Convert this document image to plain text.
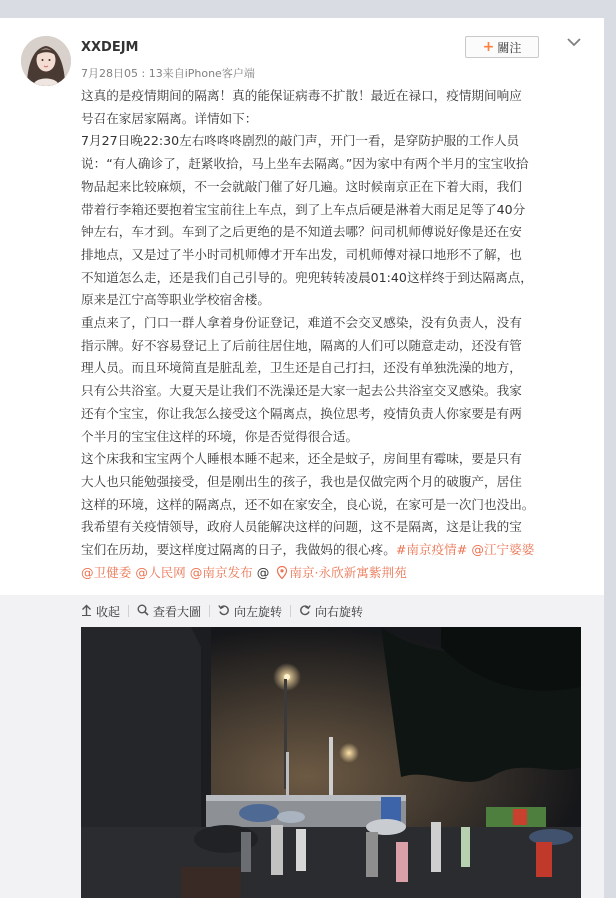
XXDEJM
7月28日05 : 13来自iPhone客户端
+ 關注

这真的是疫情期间的隔离！真的能保证病毒不扩散！最近在禄口，疫情期间响应

号召在家居家隔离。详情如下：

7月27日晚22:30左右咚咚咚剧烈的敲门声，开门一看，是穿防护服的工作人员

说：“有人确诊了，赶紧收拾，马上坐车去隔离。”因为家中有两个半月的宝宝收拾

物品起来比较麻烦，不一会就敲门催了好几遍。这时候南京正在下着大雨，我们

带着行李箱还要抱着宝宝前往上车点，到了上车点后硬是淋着大雨足足等了40分

钟左右，车才到。车到了之后更绝的是不知道去哪？问司机师傅说好像是还在安

排地点，又是过了半小时司机师傅才开车出发，司机师傅对禄口地形不了解，也

不知道怎么走，还是我们自己引导的。兜兜转转凌晨01:40这样终于到达隔离点，

原来是江宁高等职业学校宿舍楼。

重点来了，门口一群人拿着身份证登记，难道不会交叉感染，没有负责人，没有

指示牌。好不容易登记上了后前往居住地，隔离的人们可以随意走动，还没有管

理人员。而且环境简直是脏乱差，卫生还是自己打扫，还没有单独洗澡的地方，

只有公共浴室。大夏天是让我们不洗澡还是大家一起去公共浴室交叉感染。我家

还有个宝宝，你让我怎么接受这个隔离点，换位思考，疫情负责人你家要是有两

个半月的宝宝住这样的环境，你是否觉得很合适。

这个床我和宝宝两个人睡根本睡不起来，还全是蚊子，房间里有霉味，要是只有

大人也只能勉强接受，但是刚出生的孩子，我也是仅做完两个月的破腹产，居住

这样的环境，这样的隔离点，还不如在家安全，良心说，在家可是一次门也没出。

我希望有关疫情领导，政府人员能解决这样的问题，这不是隔离，这是让我的宝

宝们在历劫，要这样度过隔离的日子，我做妈的很心疼。#南京疫情# @江宁婆婆

@卫健委 @人民网 @南京发布 @ 南京·永欣新寓紫荆苑

收起	查看大圖	向左旋转	向右旋转
